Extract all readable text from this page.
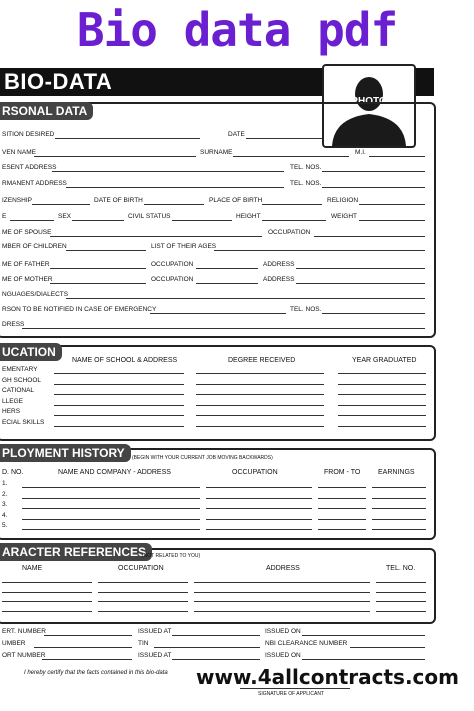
Bio data pdf
BIO-DATA
PHOTO
RSONAL DATA
SITION DESIRED	DATE
VEN NAME	SURNAME	M.I.
ESENT ADDRESS	TEL. NOS.
RMANENT ADDRESS	TEL. NOS.
IZENSHIP	DATE OF BIRTH	PLACE OF BIRTH	RELIGION
E	SEX	CIVIL STATUS	HEIGHT	WEIGHT
ME OF SPOUSE	OCCUPATION
MBER OF CHILDREN	LIST OF THEIR AGES
ME OF FATHER	OCCUPATION	ADDRESS
ME OF MOTHER	OCCUPATION	ADDRESS
NGUAGES/DIALECTS
RSON TO BE NOTIFIED IN CASE OF EMERGENCY	TEL. NOS.
DRESS
UCATION
NAME OF SCHOOL & ADDRESS	DEGREE RECEIVED	YEAR GRADUATED
EMENTARY
GH SCHOOL
CATIONAL
LLEGE
HERS
ECIAL SKILLS
PLOYMENT HISTORY	(BEGIN WITH YOUR CURRENT JOB MOVING BACKWARDS)
D. NO.	NAME AND COMPANY - ADDRESS	OCCUPATION	FROM - TO	EARNINGS
1.
2.
3.
4.
5.
ARACTER REFERENCES
(NOT RELATED TO YOU)
NAME	OCCUPATION	ADDRESS	TEL. NO.
ERT. NUMBER	ISSUED AT	ISSUED ON
UMBER	TIN	NBI CLEARANCE NUMBER
ORT NUMBER	ISSUED AT	ISSUED ON
I hereby certify that the facts contained in this bio-data
SIGNATURE OF APPLICANT
www.4allcontracts.com
